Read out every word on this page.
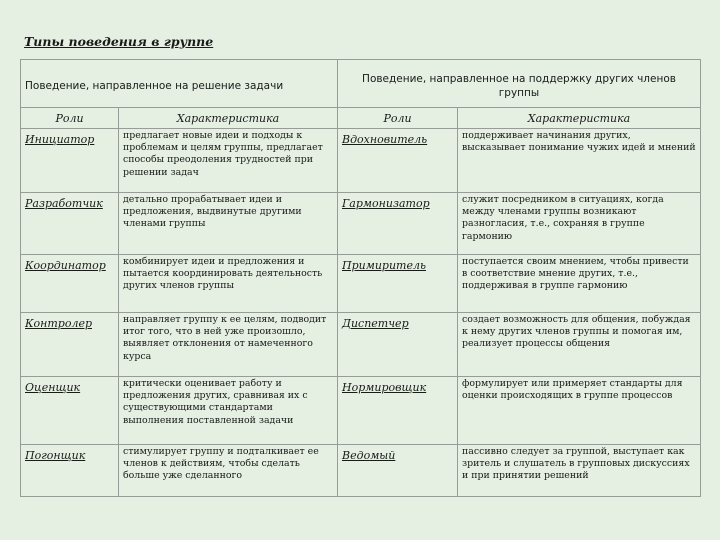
Типы поведения в группе
Поведение, направленное на решение задачи		Поведение, направленное на поддержку других членов группы	
Роли	Характеристика	Роли	Характеристика
Инициатор	предлагает новые идеи и подходы к проблемам и целям группы, предлагает способы преодоления трудностей при решении задач	Вдохновитель	поддерживает начинания других, высказывает понимание чужих идей и мнений
Разработчик	детально прорабатывает идеи и предложения, выдвинутые другими членами группы	Гармонизатор	служит посредником в ситуациях, когда между членами группы возникают разногласия, т.е., сохраняя в группе гармонию
Координатор	комбинирует идеи и предложения и пытается координировать деятельность других членов группы	Примиритель	поступается своим мнением, чтобы привести в соответствие мнение других, т.е., поддерживая в группе гармонию
Контролер	направляет группу к ее целям, подводит итог того, что в ней уже произошло, выявляет отклонения от намеченного курса	Диспетчер	создает возможность для общения, побуждая к нему других членов группы и помогая им, реализует процессы общения
Оценщик	критически оценивает работу и предложения других, сравнивая их с существующими стандартами выполнения поставленной задачи	Нормировщик	формулирует или примеряет стандарты для оценки происходящих в группе процессов
Погонщик	стимулирует группу и подталкивает ее членов к действиям, чтобы сделать больше уже сделанного	Ведомый	пассивно следует за группой, выступает как зритель и слушатель в групповых дискуссиях и при принятии решений
